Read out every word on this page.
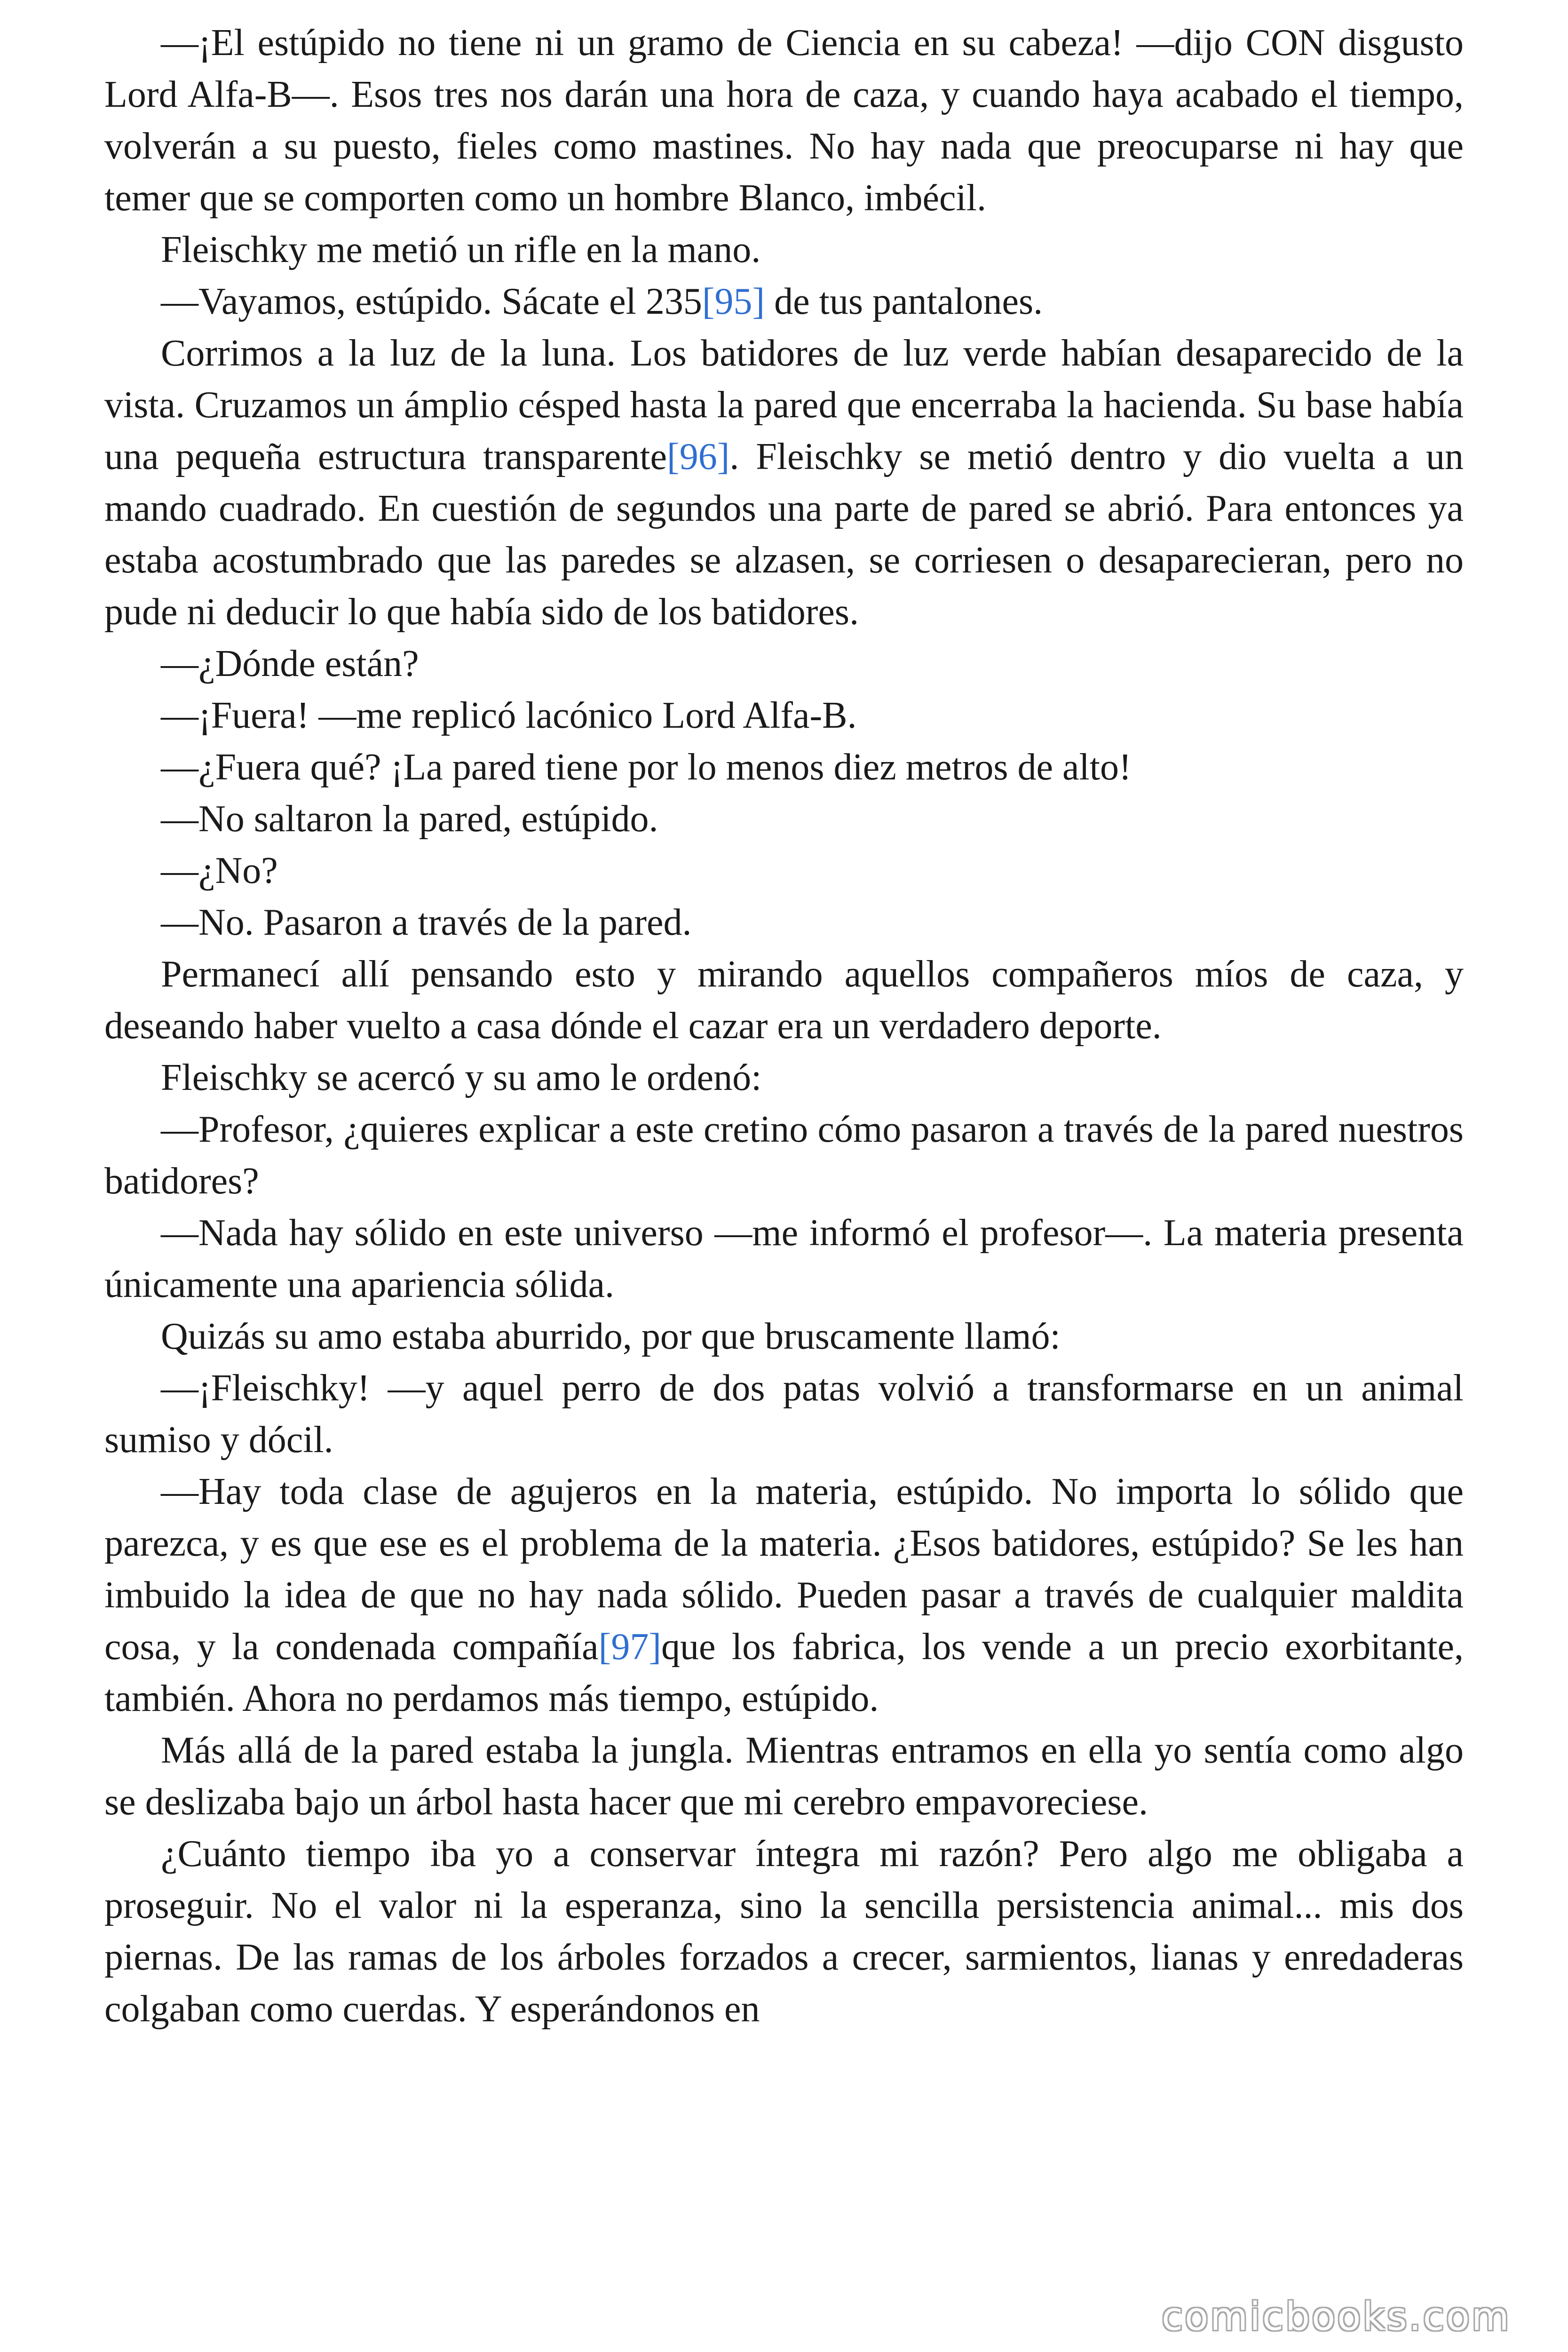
—¡El estúpido no tiene ni un gramo de Ciencia en su cabeza! —dijo CON disgusto Lord Alfa-B—. Esos tres nos darán una hora de caza, y cuando haya acabado el tiempo, volverán a su puesto, fieles como mastines. No hay nada que preocuparse ni hay que temer que se comporten como un hombre Blanco, imbécil.

Fleischky me metió un rifle en la mano.

—Vayamos, estúpido. Sácate el 235[95] de tus pantalones.

Corrimos a la luz de la luna. Los batidores de luz verde habían desaparecido de la vista. Cruzamos un ámplio césped hasta la pared que encerraba la hacienda. Su base había una pequeña estructura transparente[96]. Fleischky se metió dentro y dio vuelta a un mando cuadrado. En cuestión de segundos una parte de pared se abrió. Para entonces ya estaba acostumbrado que las paredes se alzasen, se corriesen o desaparecieran, pero no pude ni deducir lo que había sido de los batidores.

—¿Dónde están?

—¡Fuera! —me replicó lacónico Lord Alfa-B.

—¿Fuera qué? ¡La pared tiene por lo menos diez metros de alto!

—No saltaron la pared, estúpido.

—¿No?

—No. Pasaron a través de la pared.

Permanecí allí pensando esto y mirando aquellos compañeros míos de caza, y deseando haber vuelto a casa dónde el cazar era un verdadero deporte.

Fleischky se acercó y su amo le ordenó:

—Profesor, ¿quieres explicar a este cretino cómo pasaron a través de la pared nuestros batidores?

—Nada hay sólido en este universo —me informó el profesor—. La materia presenta únicamente una apariencia sólida.

Quizás su amo estaba aburrido, por que bruscamente llamó:

—¡Fleischky! —y aquel perro de dos patas volvió a transformarse en un animal sumiso y dócil.

—Hay toda clase de agujeros en la materia, estúpido. No importa lo sólido que parezca, y es que ese es el problema de la materia. ¿Esos batidores, estúpido? Se les han imbuido la idea de que no hay nada sólido. Pueden pasar a través de cualquier maldita cosa, y la condenada compañía[97]que los fabrica, los vende a un precio exorbitante, también. Ahora no perdamos más tiempo, estúpido.

Más allá de la pared estaba la jungla. Mientras entramos en ella yo sentía como algo se deslizaba bajo un árbol hasta hacer que mi cerebro empavoreciese.

¿Cuánto tiempo iba yo a conservar íntegra mi razón? Pero algo me obligaba a proseguir. No el valor ni la esperanza, sino la sencilla persistencia animal... mis dos piernas. De las ramas de los árboles forzados a crecer, sarmientos, lianas y enredaderas colgaban como cuerdas. Y esperándonos en

comicbooks.com
